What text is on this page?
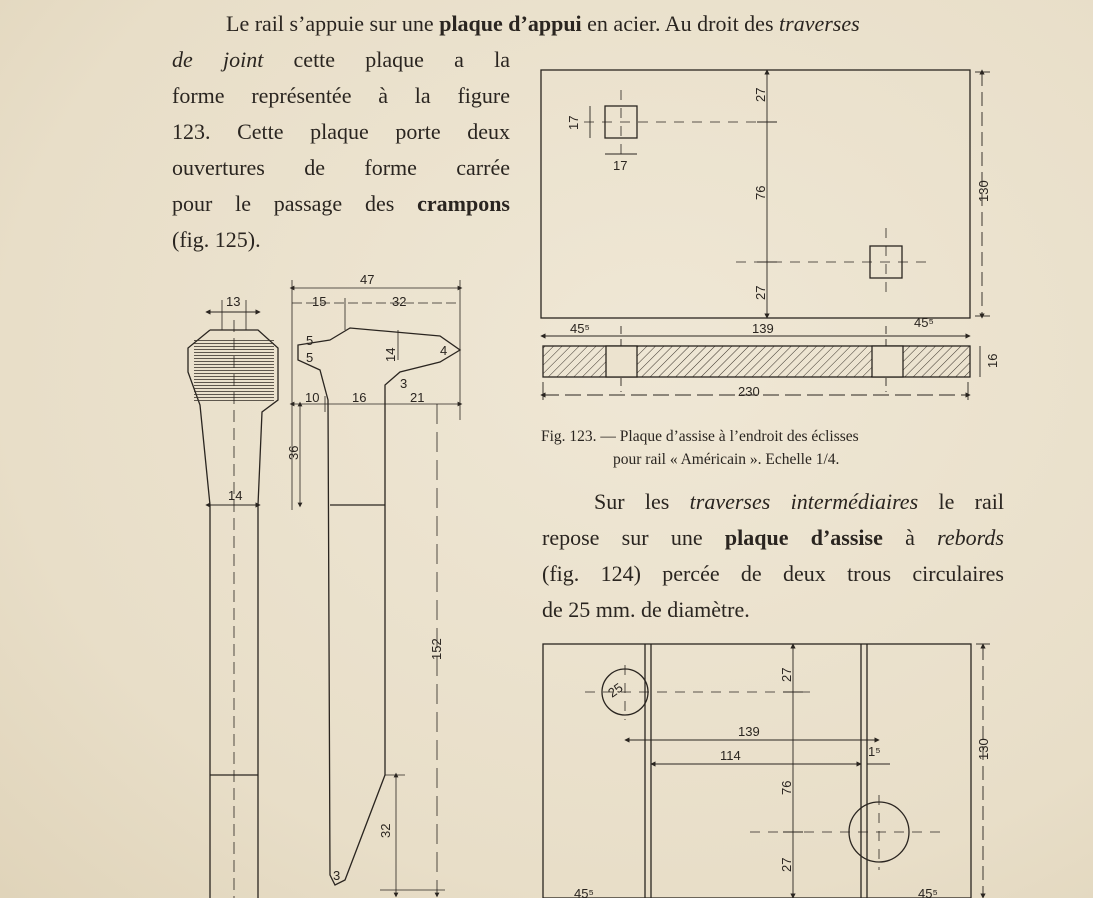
Le rail s’appuie sur une plaque d’appui en acier. Au droit des traverses
de joint cette plaque a la
forme représentée à la figure
123. Cette plaque porte deux
ouvertures de forme carrée
pour le passage des crampons
(fig. 125).
Fig. 123. — Plaque d’assise à l’endroit des éclisses
pour rail « Américain ». Echelle 1/4.
Sur les traverses intermédiaires le rail
repose sur une plaque d’assise à rebords
(fig. 124) percée de deux trous circulaires
de 25 mm. de diamètre.
27
76
27
130
17
17
45⁵	139	45⁵
16
230
13
14
47
15	32
5
5	14	4
3
10	16	21
36
152
32
3
25
27
139
114	1⁵
76
27
130
45⁵	45⁵
